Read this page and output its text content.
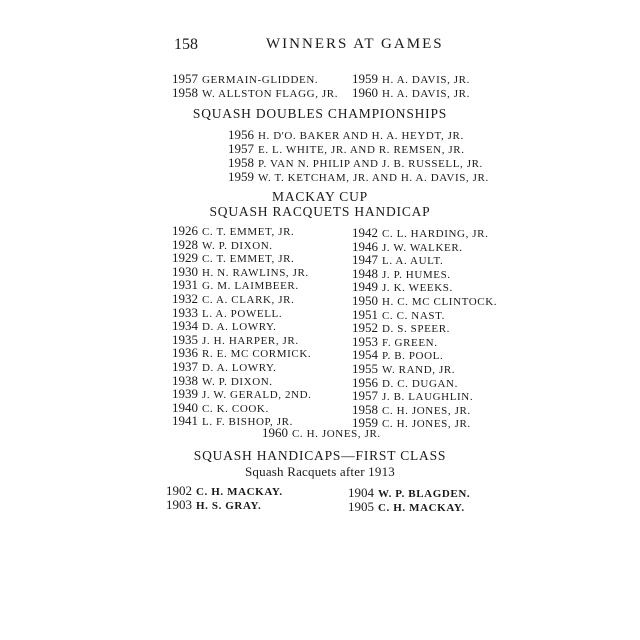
158	WINNERS AT GAMES
1957 GERMAIN-GLIDDEN.
1958 W. ALLSTON FLAGG, JR.
1959 H. A. DAVIS, JR.
1960 H. A. DAVIS, JR.
SQUASH DOUBLES CHAMPIONSHIPS
1956 H. D'O. BAKER AND H. A. HEYDT, JR.
1957 E. L. WHITE, JR. AND R. REMSEN, JR.
1958 P. VAN N. PHILIP AND J. B. RUSSELL, JR.
1959 W. T. KETCHAM, JR. AND H. A. DAVIS, JR.
MACKAY CUP
SQUASH RACQUETS HANDICAP
1926 C. T. EMMET, JR.
1928 W. P. DIXON.
1929 C. T. EMMET, JR.
1930 H. N. RAWLINS, JR.
1931 G. M. LAIMBEER.
1932 C. A. CLARK, JR.
1933 L. A. POWELL.
1934 D. A. LOWRY.
1935 J. H. HARPER, JR.
1936 R. E. MC CORMICK.
1937 D. A. LOWRY.
1938 W. P. DIXON.
1939 J. W. GERALD, 2ND.
1940 C. K. COOK.
1941 L. F. BISHOP, JR.
1942 C. L. HARDING, JR.
1946 J. W. WALKER.
1947 L. A. AULT.
1948 J. P. HUMES.
1949 J. K. WEEKS.
1950 H. C. MC CLINTOCK.
1951 C. C. NAST.
1952 D. S. SPEER.
1953 F. GREEN.
1954 P. B. POOL.
1955 W. RAND, JR.
1956 D. C. DUGAN.
1957 J. B. LAUGHLIN.
1958 C. H. JONES, JR.
1959 C. H. JONES, JR.
1960 C. H. JONES, JR.
SQUASH HANDICAPS—FIRST CLASS
Squash Racquets after 1913
1902 C. H. MACKAY.
1903 H. S. GRAY.
1904 W. P. BLAGDEN.
1905 C. H. MACKAY.
